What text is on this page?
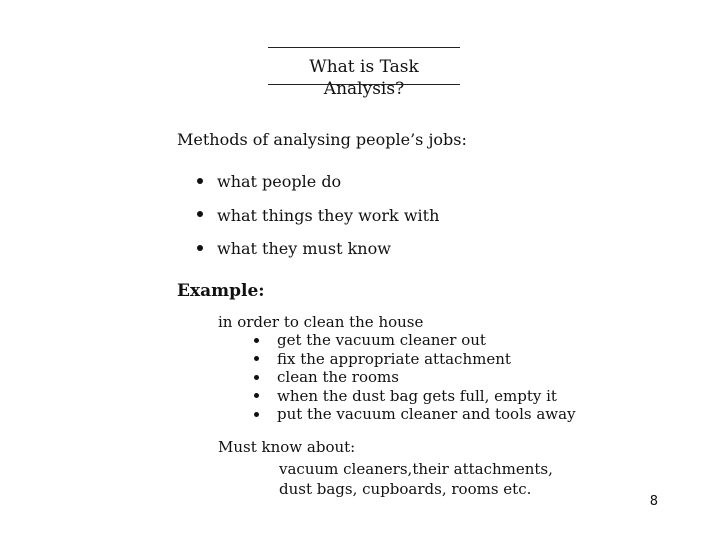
What is Task Analysis?
Methods of analysing people’s jobs:
what people do
what things they work with
what they must know
Example:
in order to clean the house
get the vacuum cleaner out
fix the appropriate attachment
clean the rooms
when the dust bag gets full, empty it
put the vacuum cleaner and tools away
Must know about:
vacuum cleaners,their attachments,
dust bags, cupboards, rooms etc.
8
